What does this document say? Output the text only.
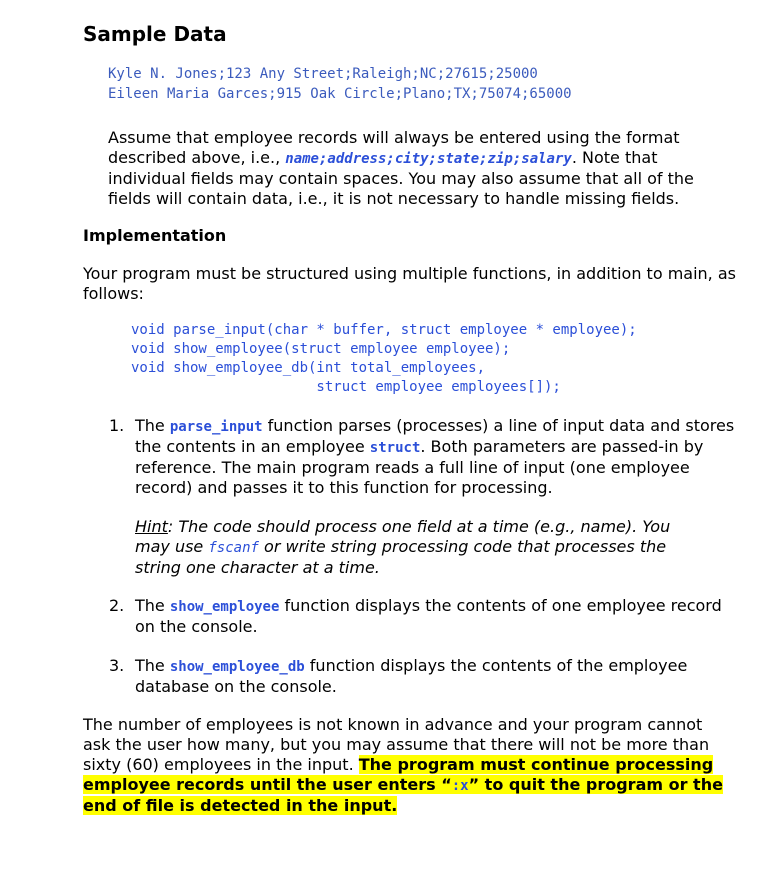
Sample Data
Kyle N. Jones;123 Any Street;Raleigh;NC;27615;25000
Eileen Maria Garces;915 Oak Circle;Plano;TX;75074;65000

Assume that employee records will always be entered using the format described above, i.e., name;address;city;state;zip;salary. Note that individual fields may contain spaces. You may also assume that all of the fields will contain data, i.e., it is not necessary to handle missing fields.

Implementation

Your program must be structured using multiple functions, in addition to main, as follows:

void parse_input(char * buffer, struct employee * employee);
void show_employee(struct employee employee);
void show_employee_db(int total_employees,
struct employee employees[]);
1. The parse_input function parses (processes) a line of input data and stores the contents in an employee struct. Both parameters are passed-in by reference. The main program reads a full line of input (one employee record) and passes it to this function for processing.

Hint: The code should process one field at a time (e.g., name). You may use fscanf or write string processing code that processes the string one character at a time.

2. The show_employee function displays the contents of one employee record on the console.

3. The show_employee_db function displays the contents of the employee database on the console.

The number of employees is not known in advance and your program cannot ask the user how many, but you may assume that there will not be more than sixty (60) employees in the input. The program must continue processing employee records until the user enters “:x” to quit the program or the end of file is detected in the input.
